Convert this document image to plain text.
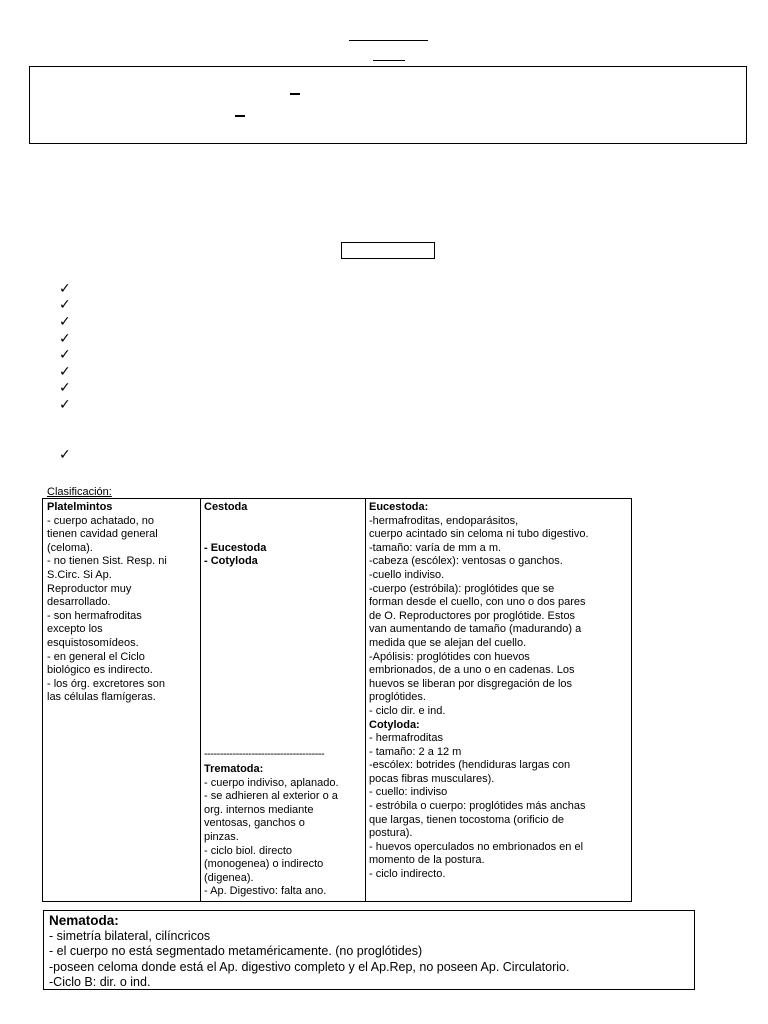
✓
✓
✓
✓
✓
✓
✓
✓
✓
Clasificación:
Platelmintos
- cuerpo achatado, no
tienen cavidad general
(celoma).
- no tienen Sist. Resp. ni
S.Circ. Si Ap.
Reproductor muy
desarrollado.
- son hermafroditas
excepto los
esquistosomídeos.
- en general el Ciclo
biológico es indirecto.
- los órg. excretores son
las células flamígeras.
Cestoda
- Eucestoda
- Cotyloda
--------------------------------------
Trematoda:
- cuerpo indiviso, aplanado.
- se adhieren al exterior o a
org. internos mediante
ventosas, ganchos o
pinzas.
- ciclo biol. directo
(monogenea) o indirecto
(digenea).
- Ap. Digestivo: falta ano.
Eucestoda:
-hermafroditas, endoparásitos,
cuerpo acintado sin celoma ni tubo digestivo.
-tamaño: varía de mm a m.
-cabeza (escólex): ventosas o ganchos.
-cuello indiviso.
-cuerpo (estróbila): proglótides que se
forman desde el cuello, con uno o dos pares
de O. Reproductores por proglótide. Estos
van aumentando de tamaño (madurando) a
medida que se alejan del cuello.
-Apólisis: proglótides con huevos
embrionados, de a uno o en cadenas. Los
huevos se liberan por disgregación de los
proglótides.
- ciclo dir. e ind.
Cotyloda:
- hermafroditas
- tamaño: 2 a 12 m
-escólex: botrides (hendiduras largas con
pocas fibras musculares).
- cuello: indiviso
- estróbila o cuerpo: proglótides más anchas
que largas, tienen tocostoma (orificio de
postura).
- huevos operculados no embrionados en el
momento de la postura.
- ciclo indirecto.
Nematoda:
- simetría bilateral, cilíncricos
- el cuerpo no está segmentado metaméricamente. (no proglótides)
-poseen celoma donde está el Ap. digestivo completo y el Ap.Rep, no poseen Ap. Circulatorio.
-Ciclo B: dir. o ind.
